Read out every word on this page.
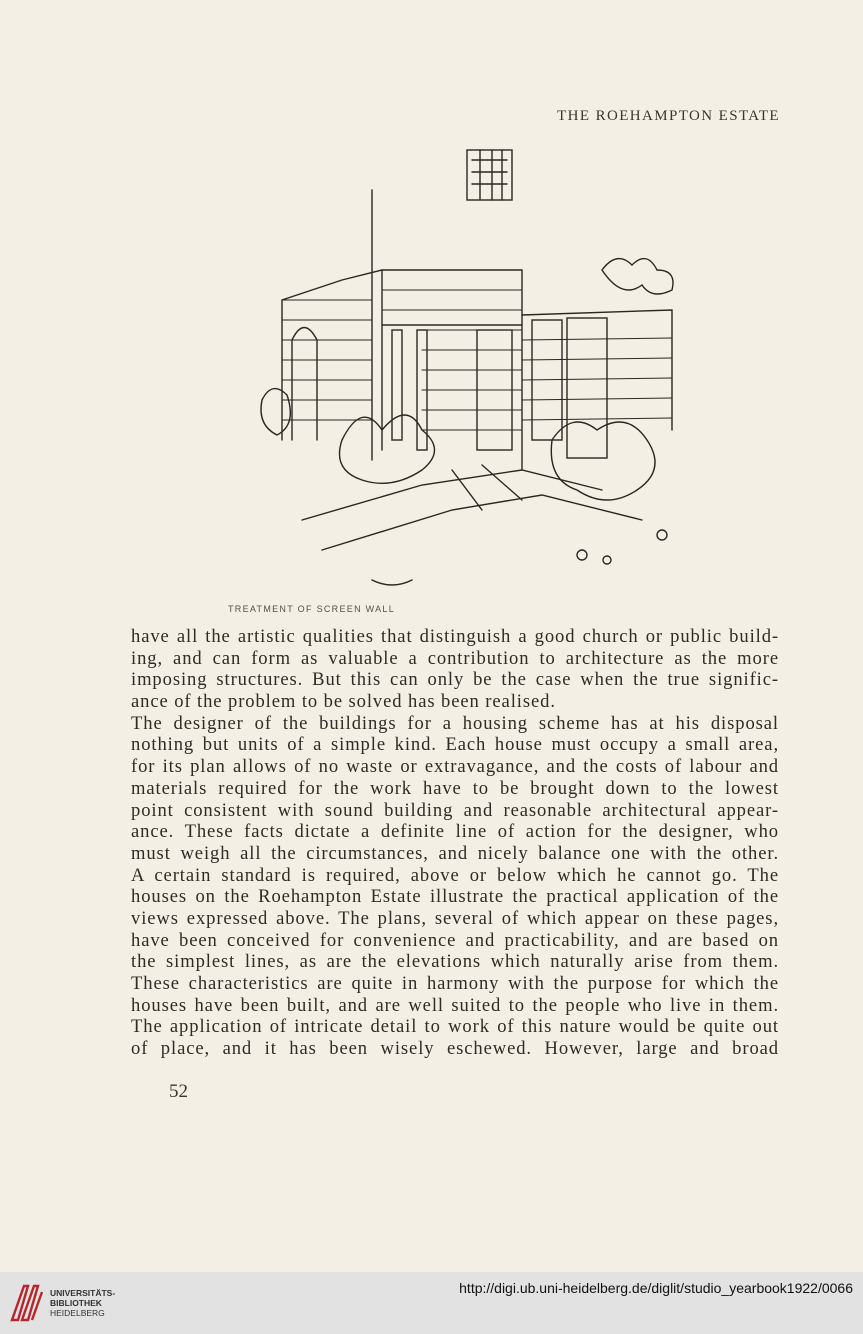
THE ROEHAMPTON ESTATE
TREATMENT OF SCREEN WALL
have all the artistic qualities that distinguish a good church or public build-
ing, and can form as valuable a contribution to architecture as the more
imposing structures. But this can only be the case when the true signific-
ance of the problem to be solved has been realised.
The designer of the buildings for a housing scheme has at his disposal
nothing but units of a simple kind. Each house must occupy a small area,
for its plan allows of no waste or extravagance, and the costs of labour and
materials required for the work have to be brought down to the lowest
point consistent with sound building and reasonable architectural appear-
ance. These facts dictate a definite line of action for the designer, who
must weigh all the circumstances, and nicely balance one with the other.
A certain standard is required, above or below which he cannot go. The
houses on the Roehampton Estate illustrate the practical application of the
views expressed above. The plans, several of which appear on these pages,
have been conceived for convenience and practicability, and are based on
the simplest lines, as are the elevations which naturally arise from them.
These characteristics are quite in harmony with the purpose for which the
houses have been built, and are well suited to the people who live in them.
The application of intricate detail to work of this nature would be quite out
of place, and it has been wisely eschewed. However, large and broad
52
UNIVERSITÄTS-
BIBLIOTHEK
HEIDELBERG
http://digi.ub.uni-heidelberg.de/diglit/studio_yearbook1922/0066
